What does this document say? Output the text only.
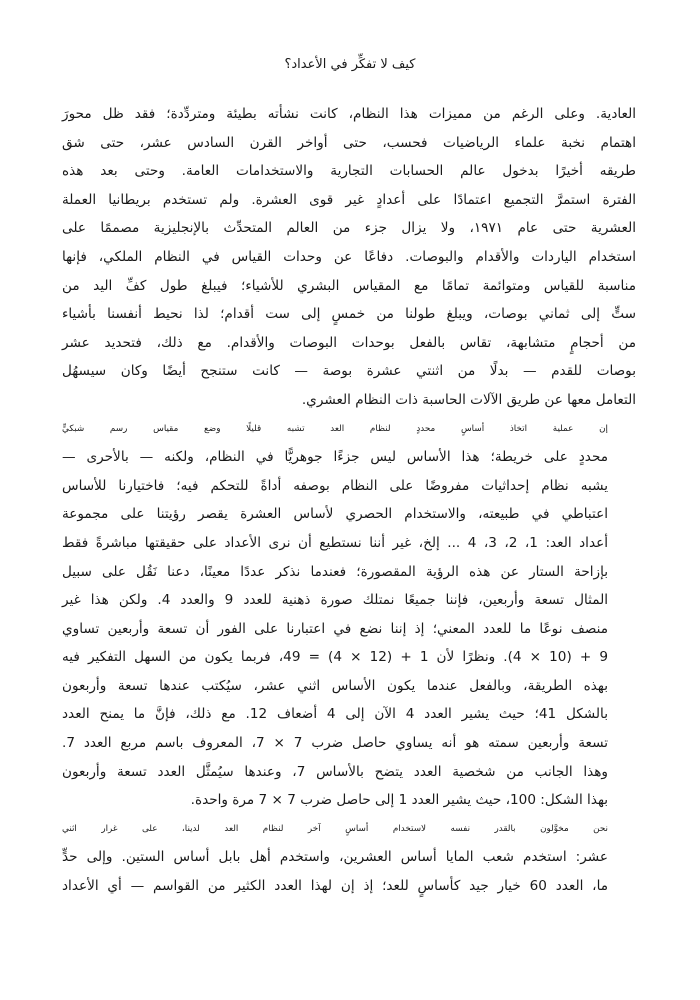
كيف لا تفكِّر في الأعداد؟

العادية. وعلى الرغم من مميزات هذا النظام، كانت نشأته بطيئة ومتردِّدة؛ فقد ظل محورَ
اهتمام نخبة علماء الرياضيات فحسب، حتى أواخر القرن السادس عشر، حتى شق
طريقه أخيرًا بدخول عالم الحسابات التجارية والاستخدامات العامة. وحتى بعد هذه
الفترة استمرَّ التجميع اعتمادًا على أعدادٍ غير قوى العشرة. ولم تستخدم بريطانيا العملة
العشرية حتى عام ١٩٧١، ولا يزال جزء من العالم المتحدِّث بالإنجليزية مصممًا على
استخدام الياردات والأقدام والبوصات. دفاعًا عن وحدات القياس في النظام الملكي، فإنها
مناسبة للقياس ومتوائمة تمامًا مع المقياس البشري للأشياء؛ فيبلغ طول كفِّ اليد من
ستٍّ إلى ثماني بوصات، ويبلغ طولنا من خمسٍ إلى ست أقدام؛ لذا نحيط أنفسنا بأشياء
من أحجامٍ متشابهة، تقاس بالفعل بوحدات البوصات والأقدام. مع ذلك، فتحديد عشر
بوصات للقدم — بدلًا من اثنتي عشرة بوصة — كانت ستنجح أيضًا وكان سيسهُل
التعامل معها عن طريق الآلات الحاسبة ذات النظام العشري.

إن عملية اتخاذ أساسٍ محددٍ لنظام العد تشبه قليلًا وضع مقياس رسم شبكيٍّ
محددٍ على خريطة؛ هذا الأساس ليس جزءًا جوهريًّا في النظام، ولكنه — بالأحرى —
يشبه نظام إحداثيات مفروضًا على النظام بوصفه أداةً للتحكم فيه؛ فاختيارنا للأساس
اعتباطي في طبيعته، والاستخدام الحصري لأساس العشرة يقصر رؤيتنا على مجموعة
أعداد العد: 1، 2، 3، 4 ... إلخ، غير أننا نستطيع أن نرى الأعداد على حقيقتها مباشرةً فقط
بإزاحة الستار عن هذه الرؤية المقصورة؛ فعندما نذكر عددًا معينًا، دعنا نَقُل على سبيل
المثال تسعة وأربعين، فإننا جميعًا نمتلك صورة ذهنية للعدد 9 والعدد 4. ولكن هذا غير
منصف نوعًا ما للعدد المعني؛ إذ إننا نضع في اعتبارنا على الفور أن تسعة وأربعين تساوي
9 + (10 × 4). ونظرًا لأن 1 + (12 × 4) = 49، فربما يكون من السهل التفكير فيه
بهذه الطريقة، وبالفعل عندما يكون الأساس اثني عشر، سيُكتب عندها تسعة وأربعون
بالشكل 41؛ حيث يشير العدد 4 الآن إلى 4 أضعاف 12. مع ذلك، فإنَّ ما يمنح العدد
تسعة وأربعين سمته هو أنه يساوي حاصل ضرب 7 × 7، المعروف باسم مربع العدد 7.
وهذا الجانب من شخصية العدد يتضح بالأساس 7، وعندها سيُمثَّل العدد تسعة وأربعون
بهذا الشكل: 100، حيث يشير العدد 1 إلى حاصل ضرب 7 × 7 مرة واحدة.

نحن مخوَّلون بالقدر نفسه لاستخدام أساسٍ آخر لنظام العد لدينا، على غرار اثني
عشر: استخدم شعب المايا أساس العشرين، واستخدم أهل بابل أساس الستين. وإلى حدٍّ
ما، العدد 60 خيار جيد كأساسٍ للعد؛ إذ إن لهذا العدد الكثير من القواسم — أي الأعداد
